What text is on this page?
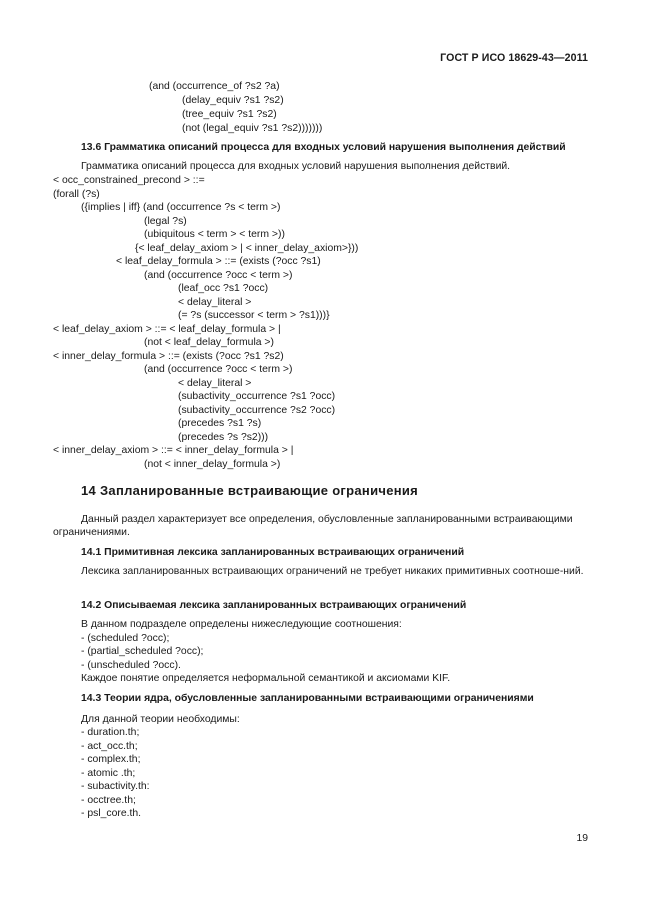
ГОСТ Р ИСО 18629-43—2011
(and (occurrence_of ?s2 ?a)
(delay_equiv ?s1 ?s2)
(tree_equiv ?s1 ?s2)
(not (legal_equiv ?s1 ?s2)))))))
13.6 Грамматика описаний процесса для входных условий нарушения выполнения действий
Грамматика описаний процесса для входных условий нарушения выполнения действий.
< occ_constrained_precond > ::=
(forall (?s)
({implies | iff} (and (occurrence ?s < term >)
(legal ?s)
(ubiquitous < term > < term >))
{< leaf_delay_axiom > | < inner_delay_axiom>}))
< leaf_delay_formula > ::= (exists (?occ ?s1)
(and (occurrence ?occ < term >)
(leaf_occ ?s1 ?occ)
< delay_literal >
(= ?s (successor < term > ?s1)))}
< leaf_delay_axiom > ::= < leaf_delay_formula > |
(not < leaf_delay_formula >)
< inner_delay_formula > ::= (exists (?occ ?s1 ?s2)
(and (occurrence ?occ < term >)
< delay_literal >
(subactivity_occurrence ?s1 ?occ)
(subactivity_occurrence ?s2 ?occ)
(precedes ?s1 ?s)
(precedes ?s ?s2)))
< inner_delay_axiom > ::= < inner_delay_formula > |
(not < inner_delay_formula >)
14 Запланированные встраивающие ограничения
Данный раздел характеризует все определения, обусловленные запланированными встраивающими ограничениями.
14.1 Примитивная лексика запланированных встраивающих ограничений
Лексика запланированных встраивающих ограничений не требует никаких примитивных соотноше-ний.
14.2 Описываемая лексика запланированных встраивающих ограничений
В данном подразделе определены нижеследующие соотношения:
- (scheduled ?occ);
- (partial_scheduled ?occ);
- (unscheduled ?occ).
Каждое понятие определяется неформальной семантикой и аксиомами KIF.
14.3 Теории ядра, обусловленные запланированными встраивающими ограничениями
Для данной теории необходимы:
- duration.th;
- act_occ.th;
- complex.th;
- atomic .th;
- subactivity.th:
- occtree.th;
- psl_core.th.
19
